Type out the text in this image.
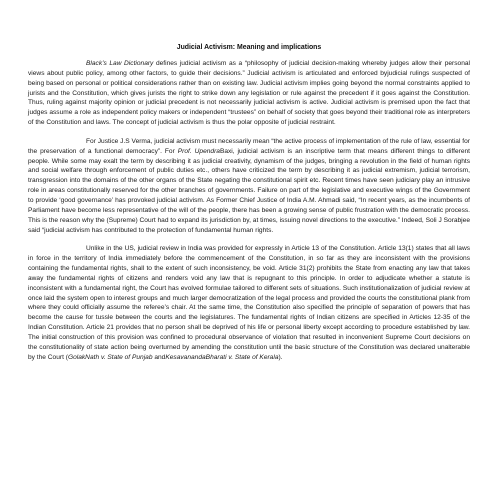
Judicial Activism: Meaning and implications

Black’s Law Dictionary defines judicial activism as a “philosophy of judicial decision-making whereby judges allow their personal views about public policy, among other factors, to guide their decisions.” Judicial activism is articulated and enforced byjudicial rulings suspected of being based on personal or political considerations rather than on existing law. Judicial activism implies going beyond the normal constraints applied to jurists and the Constitution, which gives jurists the right to strike down any legislation or rule against the precedent if it goes against the Constitution. Thus, ruling against majority opinion or judicial precedent is not necessarily judicial activism is active. Judicial activism is premised upon the fact that judges assume a role as independent policy makers or independent “trustees” on behalf of society that goes beyond their traditional role as interpreters of the Constitution and laws. The concept of judicial activism is thus the polar opposite of judicial restraint.

For Justice J.S Verma, judicial activism must necessarily mean “the active process of implementation of the rule of law, essential for the preservation of a functional democracy”. For Prof. UpendraBaxi, judicial activism is an inscriptive term that means different things to different people. While some may exalt the term by describing it as judicial creativity, dynamism of the judges, bringing a revolution in the field of human rights and social welfare through enforcement of public duties etc., others have criticized the term by describing it as judicial extremism, judicial terrorism, transgression into the domains of the other organs of the State negating the constitutional spirit etc. Recent times have seen judiciary play an intrusive role in areas constitutionally reserved for the other branches of governments. Failure on part of the legislative and executive wings of the Government to provide ‘good governance’ has provoked judicial activism. As Former Chief Justice of India A.M. Ahmadi said, “In recent years, as the incumbents of Parliament have become less representative of the will of the people, there has been a growing sense of public frustration with the democratic process. This is the reason why the (Supreme) Court had to expand its jurisdiction by, at times, issuing novel directions to the executive.” Indeed, Soli J Sorabjee said “judicial activism has contributed to the protection of fundamental human rights.

Unlike in the US, judicial review in India was provided for expressly in Article 13 of the Constitution. Article 13(1) states that all laws in force in the territory of India immediately before the commencement of the Constitution, in so far as they are inconsistent with the provisions containing the fundamental rights, shall to the extent of such inconsistency, be void. Article 31(2) prohibits the State from enacting any law that takes away the fundamental rights of citizens and renders void any law that is repugnant to this principle. In order to adjudicate whether a statute is inconsistent with a fundamental right, the Court has evolved formulae tailored to different sets of situations. Such institutionalization of judicial review at once laid the system open to interest groups and much larger democratization of the legal process and provided the courts the constitutional plank from where they could officially assume the referee’s chair. At the same time, the Constitution also specified the principle of separation of powers that has become the cause for tussle between the courts and the legislatures. The fundamental rights of Indian citizens are specified in Articles 12-35 of the Indian Constitution. Article 21 provides that no person shall be deprived of his life or personal liberty except according to procedure established by law. The initial construction of this provision was confined to procedural observance of violation that resulted in inconvenient Supreme Court decisions on the constitutionality of state action being overturned by amending the constitution until the basic structure of the Constitution was declared unalterable by the Court (GolakNath v. State of Punjab andKesavanandaBharati v. State of Kerala).
